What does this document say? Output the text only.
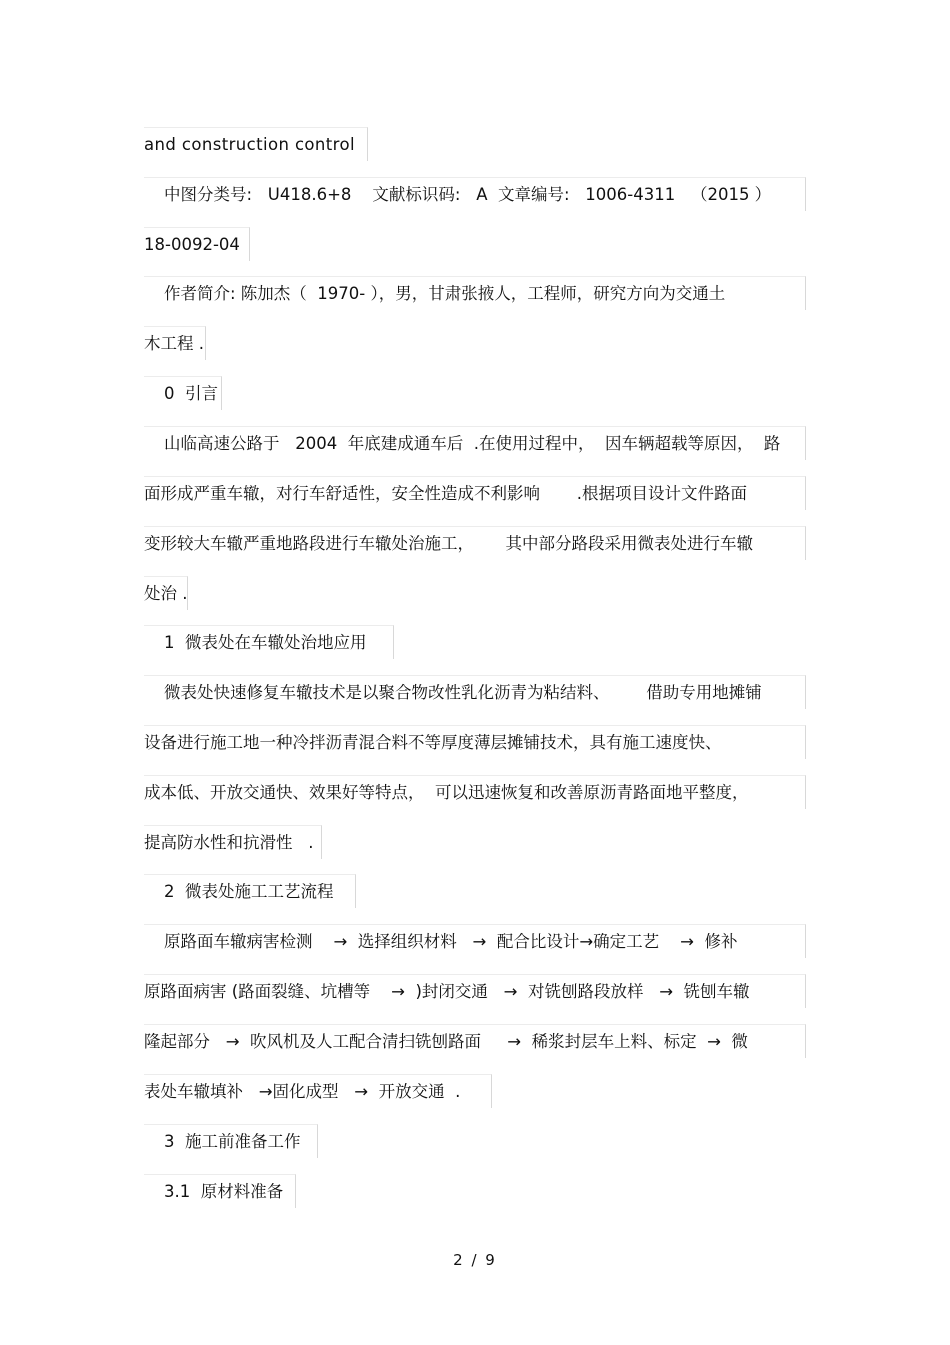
and construction control
中图分类号:   U418.6+8    文献标识码:   A  文章编号:   1006-4311   （2015 ）
18-0092-04
作者简介: 陈加杰（  1970- ），男，甘肃张掖人，工程师，研究方向为交通土
木工程 .
0  引言
山临高速公路于   2004  年底建成通车后  .在使用过程中，  因车辆超载等原因，  路
面形成严重车辙，对行车舒适性，安全性造成不利影响       .根据项目设计文件路面
变形较大车辙严重地路段进行车辙处治施工，      其中部分路段采用微表处进行车辙
处治 .
1  微表处在车辙处治地应用
微表处快速修复车辙技术是以聚合物改性乳化沥青为粘结料、       借助专用地摊铺
设备进行施工地一种冷拌沥青混合料不等厚度薄层摊铺技术，具有施工速度快、
成本低、开放交通快、效果好等特点，  可以迅速恢复和改善原沥青路面地平整度，
提高防水性和抗滑性   .
2  微表处施工工艺流程
原路面车辙病害检测    →  选择组织材料   →  配合比设计→确定工艺    →  修补
原路面病害 (路面裂缝、坑槽等    →  )封闭交通   →  对铣刨路段放样   →  铣刨车辙
隆起部分   →  吹风机及人工配合清扫铣刨路面     →  稀浆封层车上料、标定  →  微
表处车辙填补   →固化成型   →  开放交通  .
3  施工前准备工作
3.1  原材料准备
2 / 9
